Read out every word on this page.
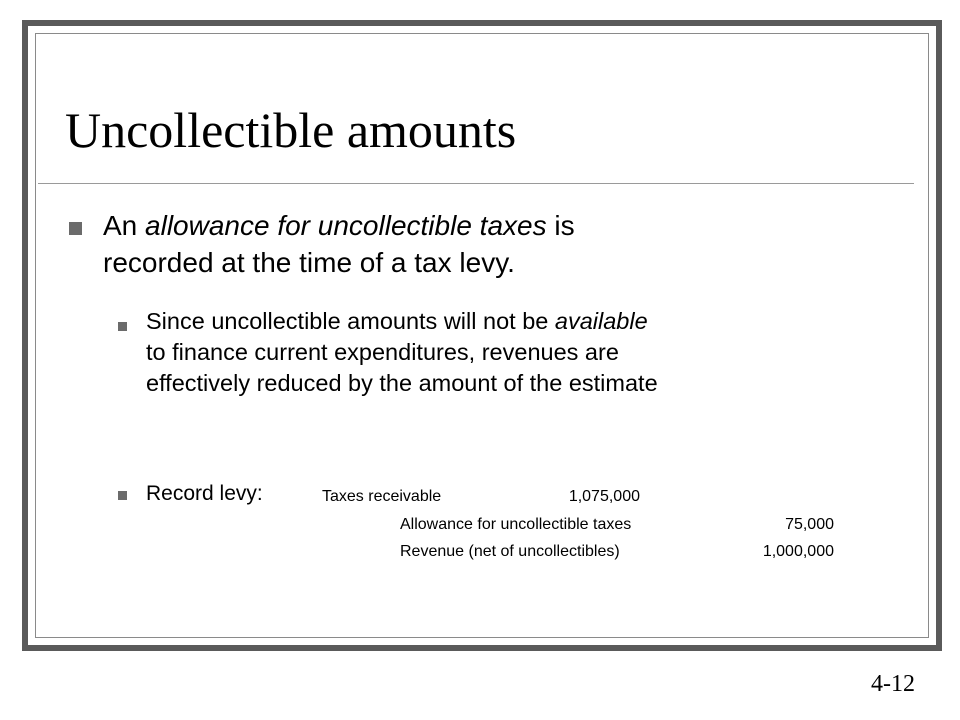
Uncollectible amounts
An allowance for uncollectible taxes is
recorded at the time of a tax levy.
Since uncollectible amounts will not be available
to finance current expenditures, revenues are
effectively reduced by the amount of the estimate
Record levy:	Taxes receivable	1,075,000
Allowance for uncollectible taxes	75,000
Revenue (net of uncollectibles)	1,000,000
4-12
